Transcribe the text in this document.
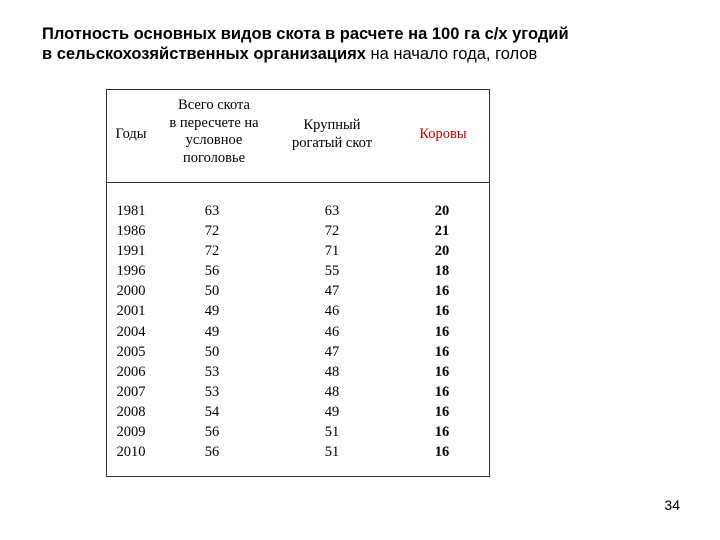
Плотность основных видов скота в расчете на 100 га с/х угодий
в сельскохозяйственных организациях на начало года, голов
Годы
Всего скота
в пересчете на
условное
поголовье
Крупный
рогатый скот
Коровы
1981
1986
1991
1996
2000
2001
2004
2005
2006
2007
2008
2009
2010
63
72
72
56
50
49
49
50
53
53
54
56
56
63
72
71
55
47
46
46
47
48
48
49
51
51
20
21
20
18
16
16
16
16
16
16
16
16
16
34
